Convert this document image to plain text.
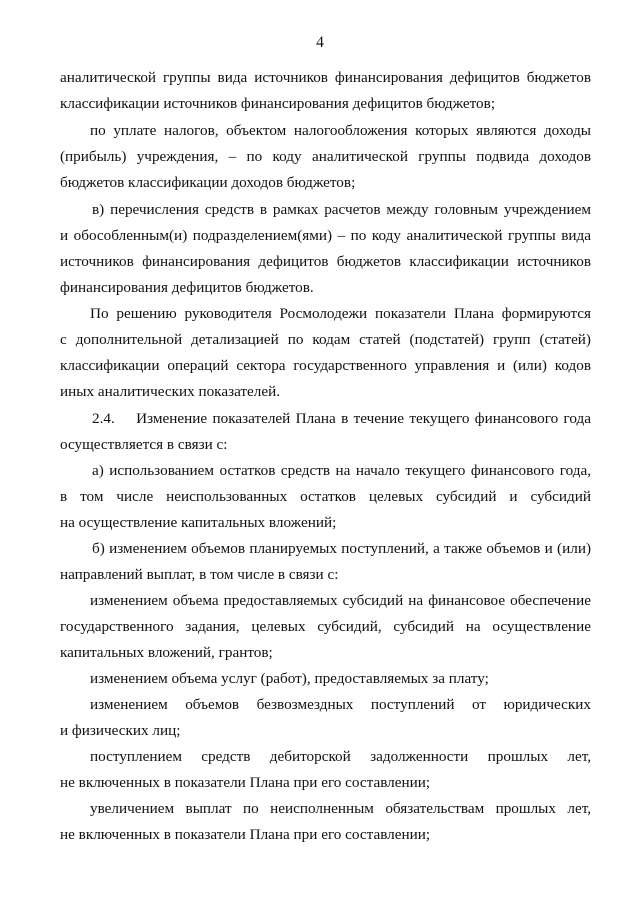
4
аналитической группы вида источников финансирования дефицитов бюджетов
классификации источников финансирования дефицитов бюджетов;
по уплате налогов, объектом налогообложения которых являются доходы
(прибыль) учреждения, – по коду аналитической группы подвида доходов
бюджетов классификации доходов бюджетов;
в) перечисления средств в рамках расчетов между головным учреждением
и обособленным(и) подразделением(ями) – по коду аналитической группы вида
источников финансирования дефицитов бюджетов классификации источников
финансирования дефицитов бюджетов.
По решению руководителя Росмолодежи показатели Плана формируются
с дополнительной детализацией по кодам статей (подстатей) групп (статей)
классификации операций сектора государственного управления и (или) кодов
иных аналитических показателей.
2.4.    Изменение показателей Плана в течение текущего финансового года
осуществляется в связи с:
а) использованием остатков средств на начало текущего финансового года,
в том числе неиспользованных остатков целевых субсидий и субсидий
на осуществление капитальных вложений;
б) изменением объемов планируемых поступлений, а также объемов и (или)
направлений выплат, в том числе в связи с:
изменением объема предоставляемых субсидий на финансовое обеспечение
государственного задания, целевых субсидий, субсидий на осуществление
капитальных вложений, грантов;
изменением объема услуг (работ), предоставляемых за плату;
изменением объемов безвозмездных поступлений от юридических
и физических лиц;
поступлением средств дебиторской задолженности прошлых лет,
не включенных в показатели Плана при его составлении;
увеличением выплат по неисполненным обязательствам прошлых лет,
не включенных в показатели Плана при его составлении;
